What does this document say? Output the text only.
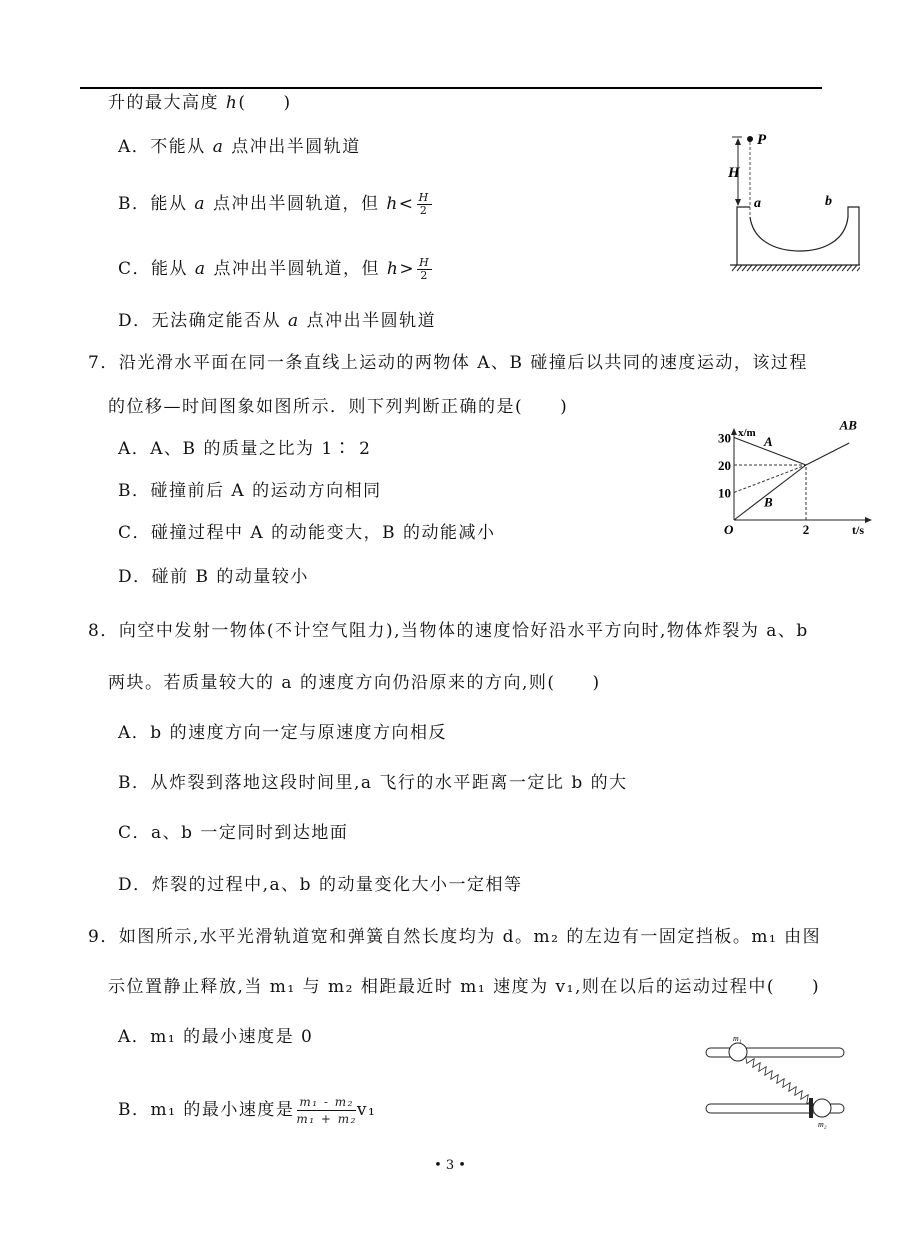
升的最大高度 h(　　)
A．不能从 a 点冲出半圆轨道
B．能从 a 点冲出半圆轨道，但 $h< \frac{H}{2}$
C．能从 a 点冲出半圆轨道，但 $h> \frac{H}{2}$
D．无法确定能否从 a 点冲出半圆轨道
P
H
a	b
7．沿光滑水平面在同一条直线上运动的两物体 A、B 碰撞后以共同的速度运动，该过程
的位移—时间图象如图所示．则下列判断正确的是(　　)
A．A、B 的质量之比为 1∶ 2
B．碰撞前后 A 的运动方向相同
C．碰撞过程中 A 的动能变大，B 的动能减小
D．碰前 B 的动量较小
A
B
AB
10
20
30
2
O
x/m
t/s
8．向空中发射一物体(不计空气阻力),当物体的速度恰好沿水平方向时,物体炸裂为 a、b
两块。若质量较大的 a 的速度方向仍沿原来的方向,则(　　)
A．b 的速度方向一定与原速度方向相反
B．从炸裂到落地这段时间里,a 飞行的水平距离一定比 b 的大
C．a、b 一定同时到达地面
D．炸裂的过程中,a、b 的动量变化大小一定相等
9．如图所示,水平光滑轨道宽和弹簧自然长度均为 d。m₂ 的左边有一固定挡板。m₁ 由图
示位置静止释放,当 m₁ 与 m₂ 相距最近时 m₁ 速度为 v₁,则在以后的运动过程中(　　)
A．m₁ 的最小速度是 0
B．m₁ 的最小速度是 $\frac{\text{m₁ - m₂}}{\text{m₁ + m₂}} v_1$
m₁
m₂
• 3 •
